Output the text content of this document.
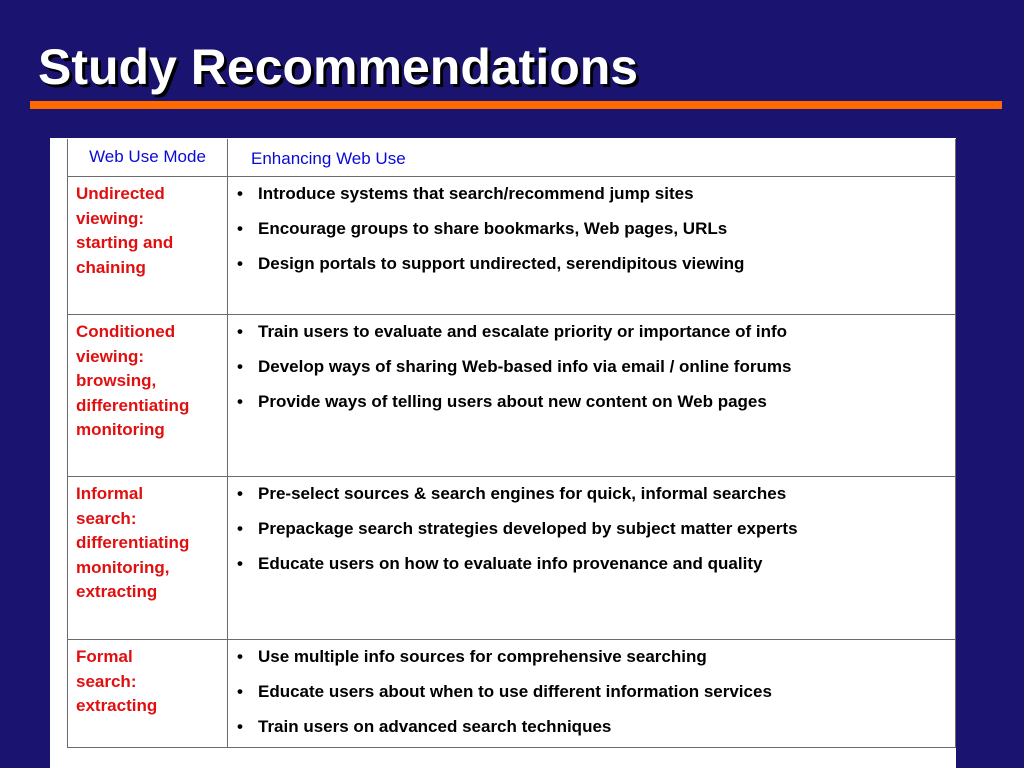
Study Recommendations
Web Use Mode	Enhancing Web Use
Undirected
viewing:
starting and
chaining
• Introduce systems that search/recommend jump sites
• Encourage groups to share bookmarks, Web pages, URLs
• Design portals to support undirected, serendipitous viewing
Conditioned
viewing:
browsing,
differentiating
monitoring
• Train users to evaluate and escalate priority or importance of info
• Develop ways of sharing Web-based info via email / online forums
• Provide ways of telling users about new content on Web pages
Informal
search:
differentiating
monitoring,
extracting
• Pre-select sources & search engines for quick, informal searches
• Prepackage search strategies developed by subject matter experts
• Educate users on how to evaluate info provenance and quality
Formal
search:
extracting
• Use multiple info sources for comprehensive searching
• Educate users about when to use different information services
• Train users on advanced search techniques
